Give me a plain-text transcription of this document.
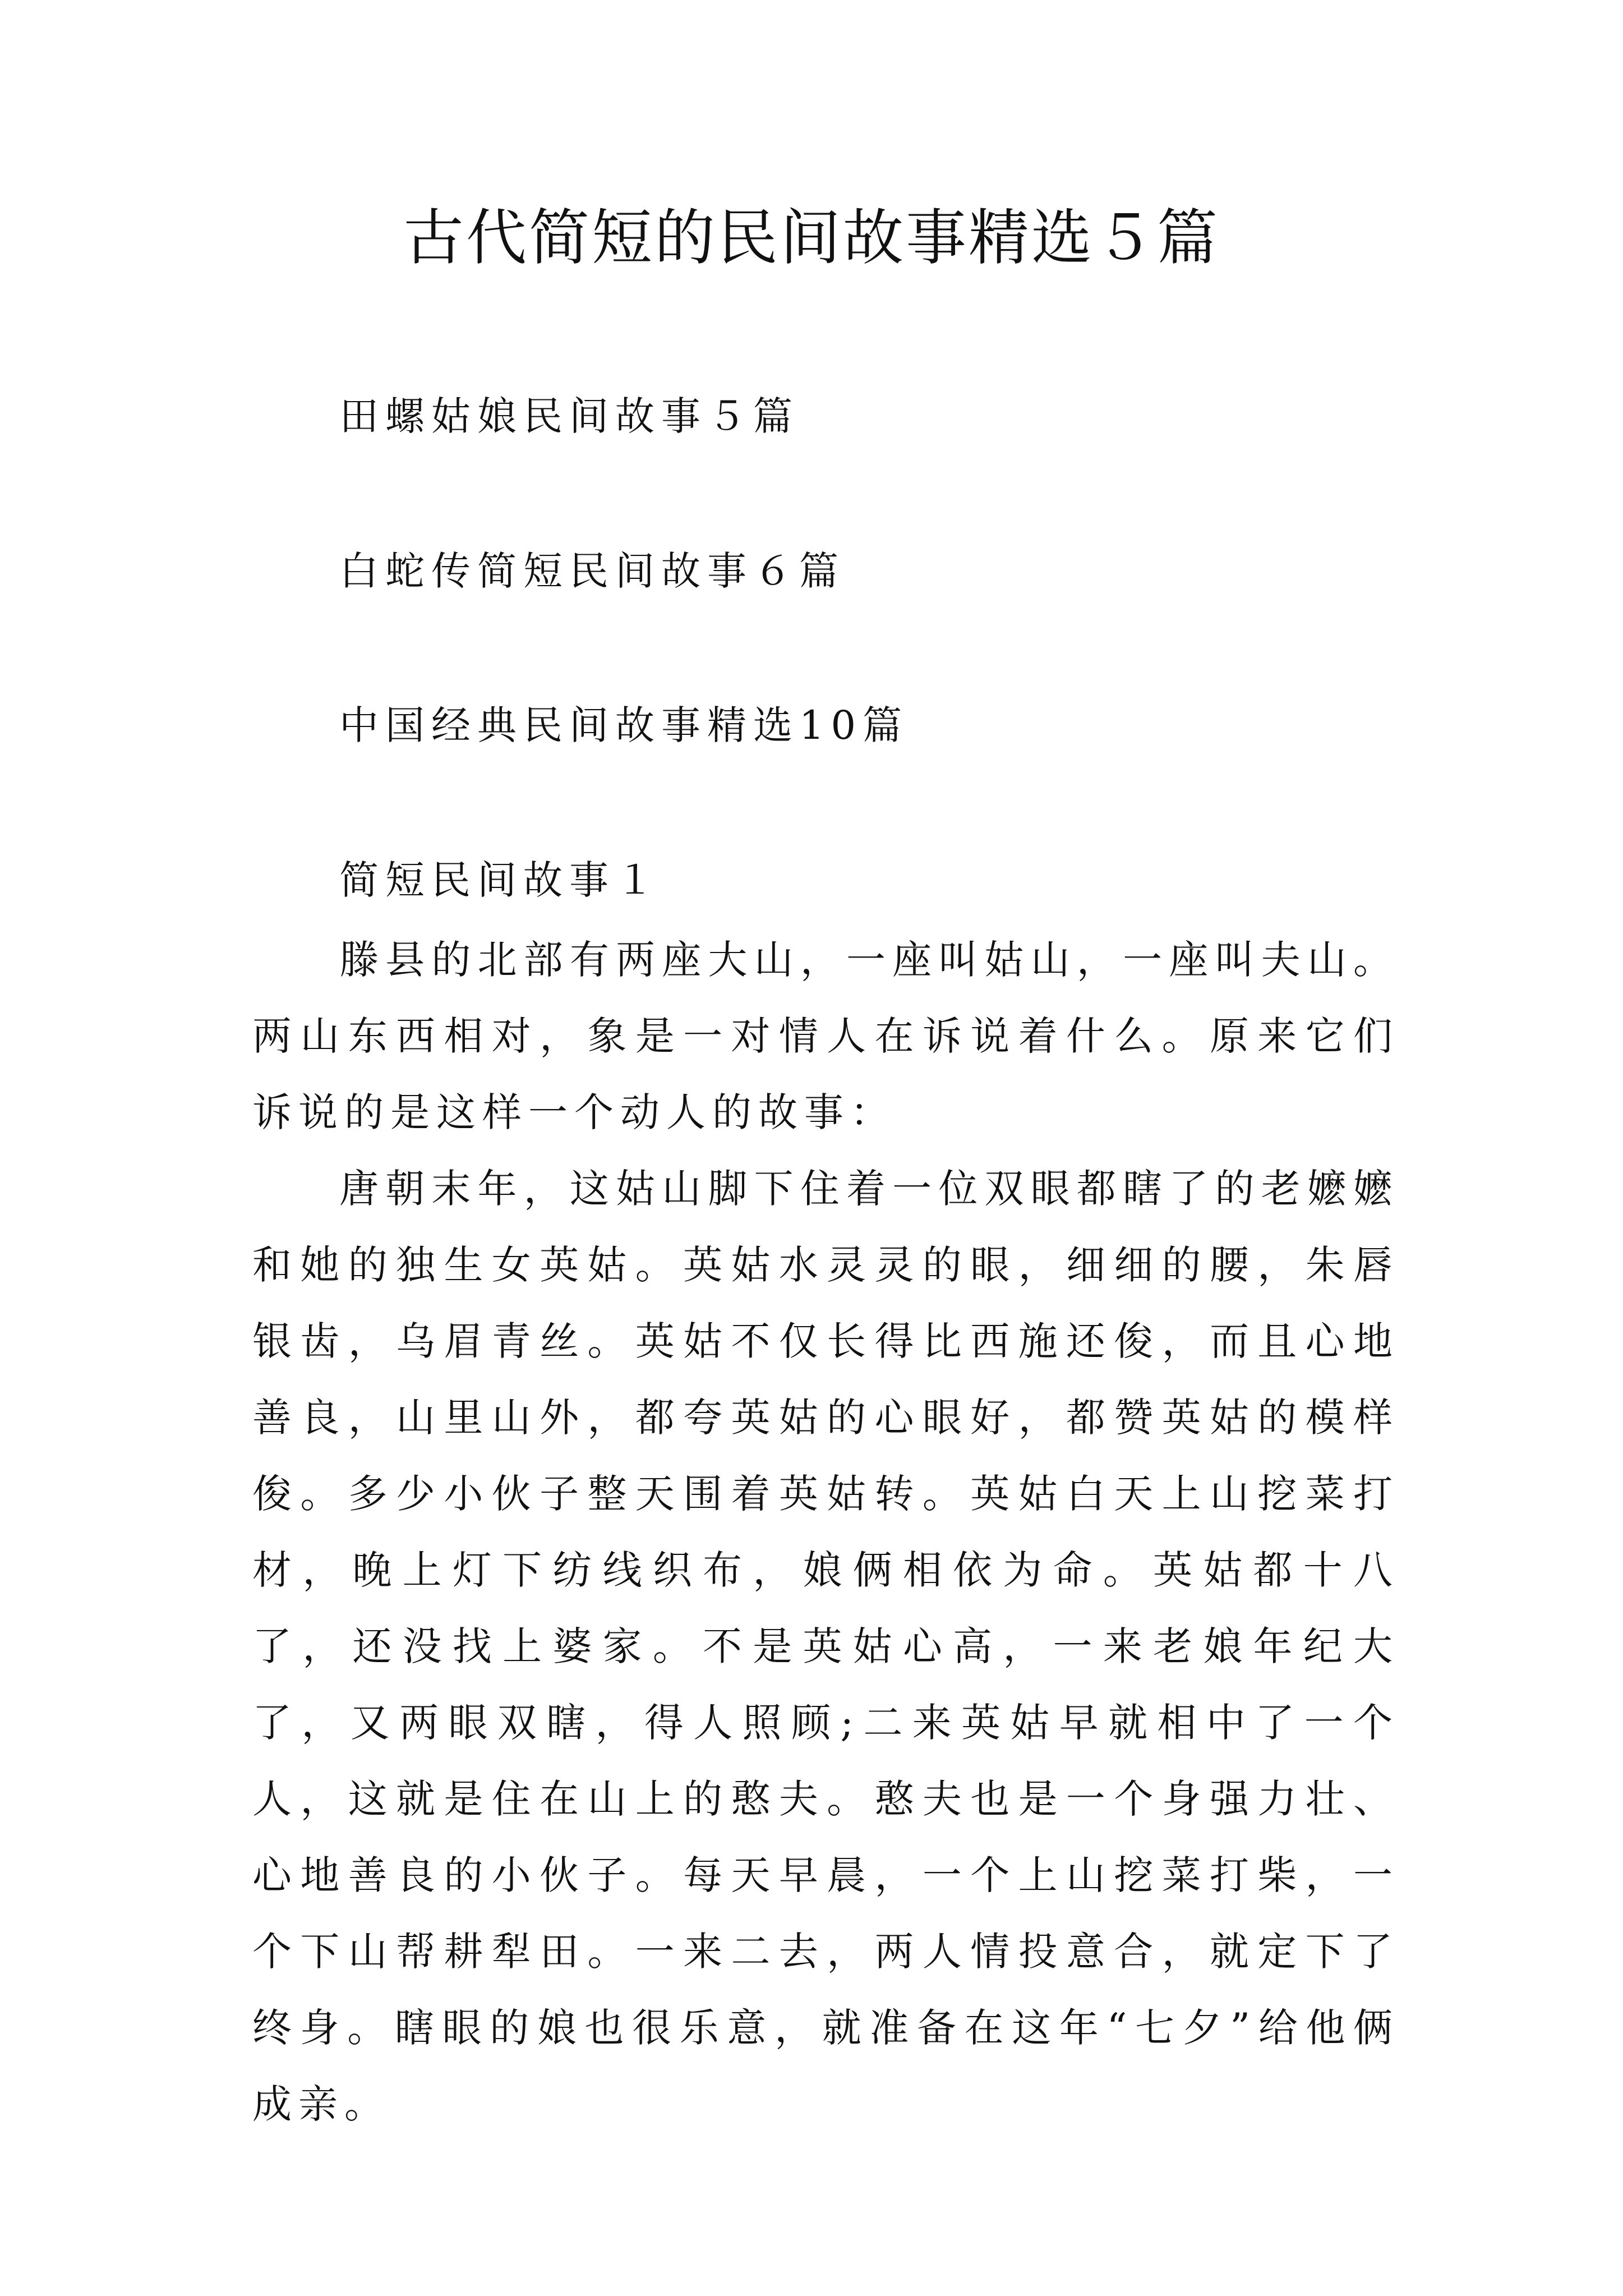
古代简短的民间故事精选５篇
田螺姑娘民间故事５篇
白蛇传简短民间故事６篇
中国经典民间故事精选10篇
简短民间故事１

滕县的北部有两座大山，一座叫姑山，一座叫夫山。两山东西相对，象是一对情人在诉说着什么。原来它们诉说的是这样一个动人的故事：

唐朝末年，这姑山脚下住着一位双眼都瞎了的老嬷嬷和她的独生女英姑。英姑水灵灵的眼，细细的腰，朱唇银齿，乌眉青丝。英姑不仅长得比西施还俊，而且心地善良，山里山外，都夸英姑的心眼好，都赞英姑的模样俊。多少小伙子整天围着英姑转。英姑白天上山挖菜打材，晚上灯下纺线织布，娘俩相依为命。英姑都十八了，还没找上婆家。不是英姑心高，一来老娘年纪大了，又两眼双瞎，得人照顾;二来英姑早就相中了一个人，这就是住在山上的憨夫。憨夫也是一个身强力壮、心地善良的小伙子。每天早晨，一个上山挖菜打柴，一个下山帮耕犁田。一来二去，两人情投意合，就定下了终身。瞎眼的娘也很乐意，就准备在这年“七夕”给他俩成亲。
